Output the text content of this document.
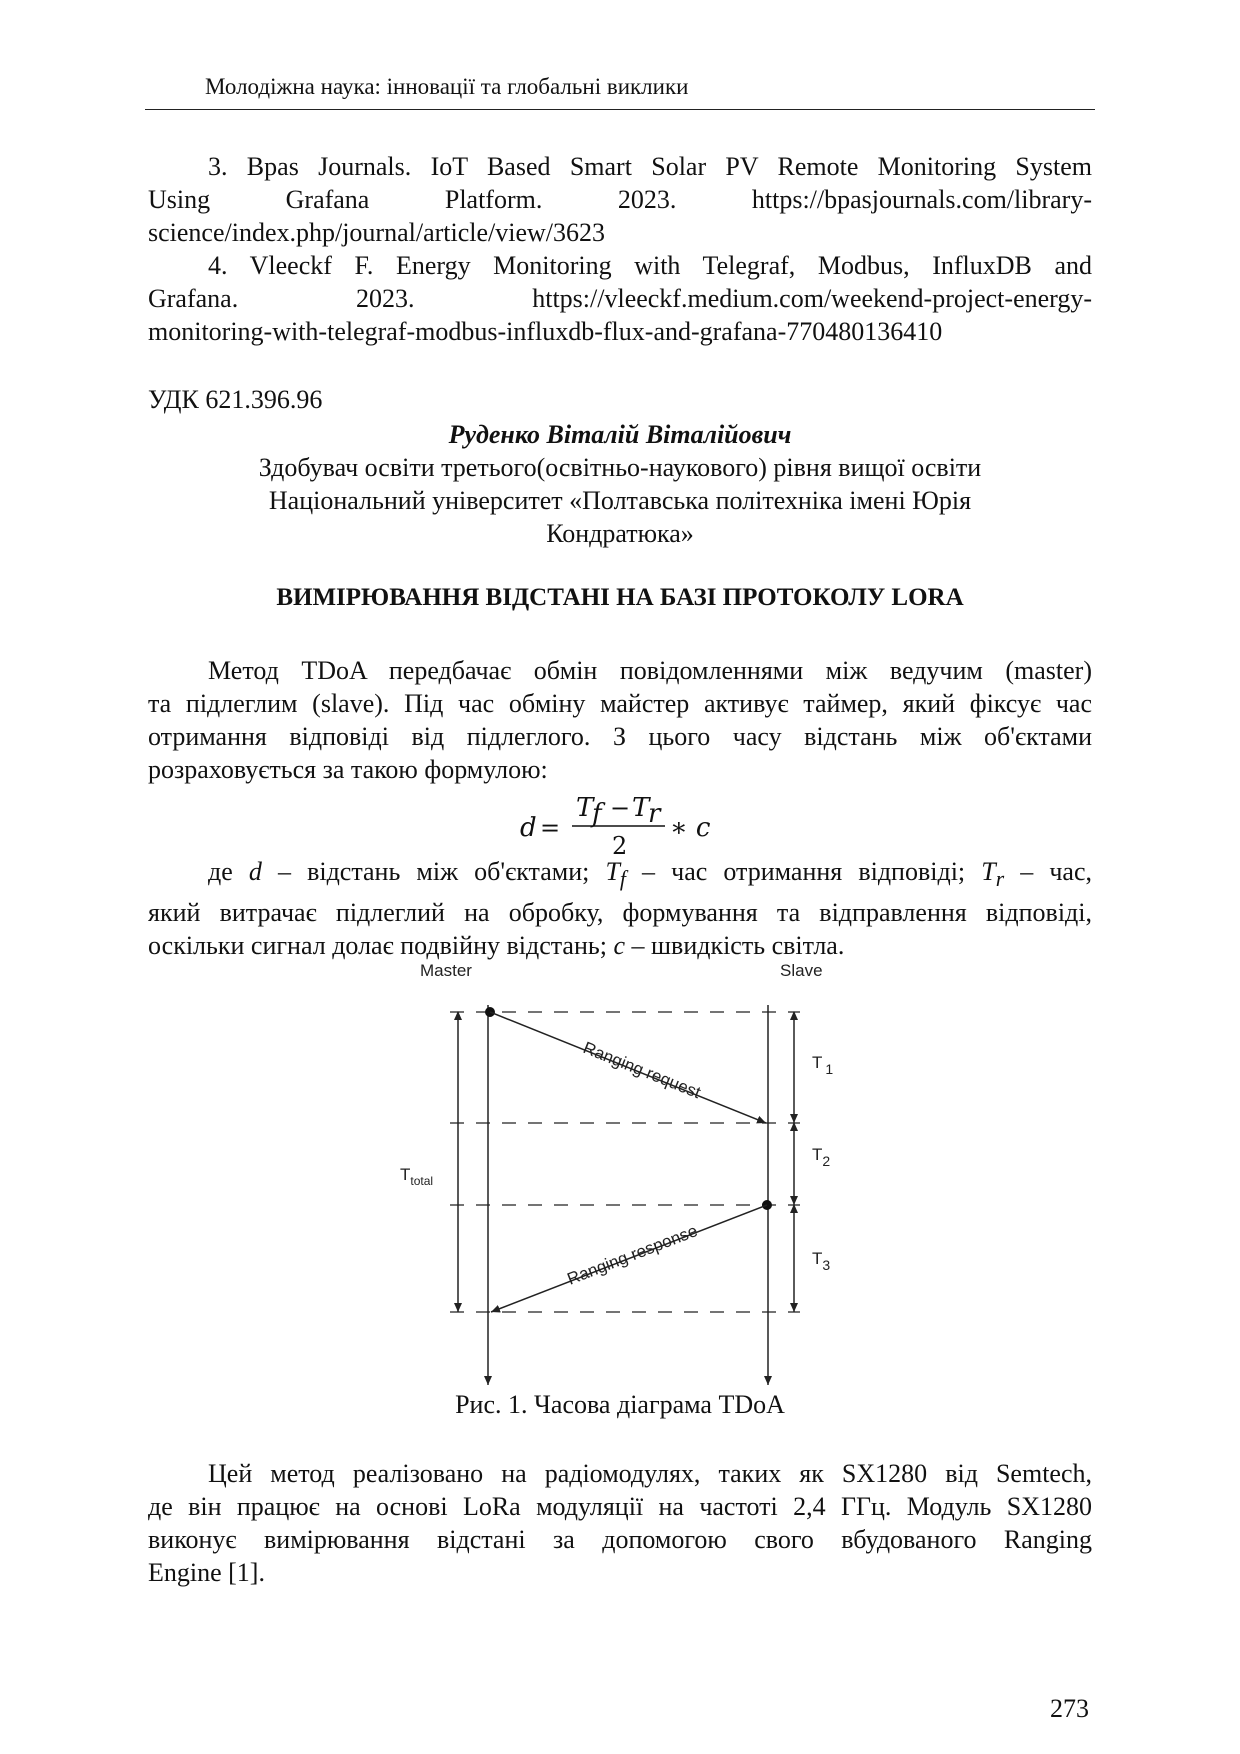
Молодіжна наука: інновації та глобальні виклики

3. Bpas Journals. IoT Based Smart Solar PV Remote Monitoring System

Using Grafana Platform. 2023. https://bpasjournals.com/library-

science/index.php/journal/article/view/3623

4. Vleeckf F. Energy Monitoring with Telegraf, Modbus, InfluxDB and

Grafana. 2023. https://vleeckf.medium.com/weekend-project-energy-

monitoring-with-telegraf-modbus-influxdb-flux-and-grafana-770480136410

УДК 621.396.96
Руденко Віталій Віталійович
Здобувач освіти третього(освітньо-наукового) рівня вищої освіти
Національний університет «Полтавська політехніка імені Юрія
Кондратюка»
ВИМІРЮВАННЯ ВІДСТАНІ НА БАЗІ ПРОТОКОЛУ LORA

Метод TDoA передбачає обмін повідомленнями між ведучим (master)

та підлеглим (slave). Під час обміну майстер активує таймер, який фіксує час

отримання відповіді від підлеглого. З цього часу відстань між об'єктами

розраховується за такою формулою:

d =
T
f − T
r
2
∗ c

де d – відстань між об'єктами; $T_f$ – час отримання відповіді; $T_r$ – час,

який витрачає підлеглий на обробку, формування та відправлення відповіді,

оскільки сигнал долає подвійну відстань; c – швидкість світла.

Master	Slave
Ranging request
Ranging response
$T_{total}$
T $_1$
$T_2$
$T_3$
Рис. 1. Часова діаграма TDoA

Цей метод реалізовано на радіомодулях, таких як SX1280 від Semtech,

де він працює на основі LoRa модуляції на частоті 2,4 ГГц. Модуль SX1280

виконує вимірювання відстані за допомогою свого вбудованого Ranging

Engine [1].

273
